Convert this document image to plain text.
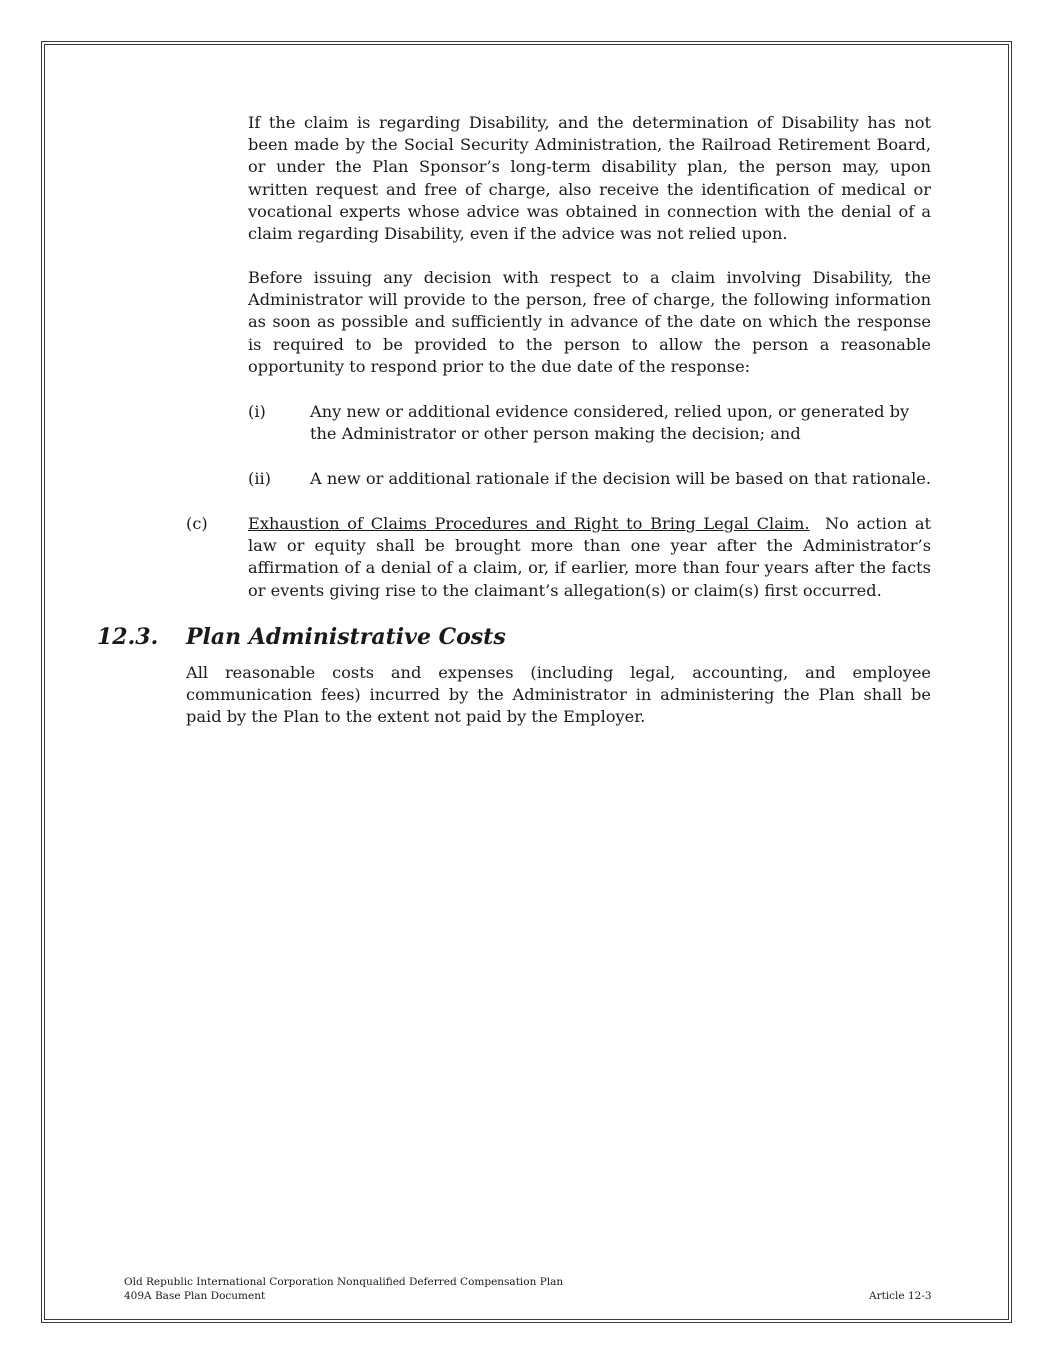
If the claim is regarding Disability, and the determination of Disability has not been made by the Social Security Administration, the Railroad Retirement Board, or under the Plan Sponsor’s long-term disability plan, the person may, upon written request and free of charge, also receive the identification of medical or vocational experts whose advice was obtained in connection with the denial of a claim regarding Disability, even if the advice was not relied upon.

Before issuing any decision with respect to a claim involving Disability, the Administrator will provide to the person, free of charge, the following information as soon as possible and sufficiently in advance of the date on which the response is required to be provided to the person to allow the person a reasonable opportunity to respond prior to the due date of the response:

(i)	Any new or additional evidence considered, relied upon, or generated by the Administrator or other person making the decision; and

(ii) A new or additional rationale if the decision will be based on that rationale.

(c) Exhaustion of Claims Procedures and Right to Bring Legal Claim. No action at law or equity shall be brought more than one year after the Administrator’s affirmation of a denial of a claim, or, if earlier, more than four years after the facts or events giving rise to the claimant’s allegation(s) or claim(s) first occurred.

12.3. Plan Administrative Costs

All reasonable costs and expenses (including legal, accounting, and employee communication fees) incurred by the Administrator in administering the Plan shall be paid by the Plan to the extent not paid by the Employer.

Old Republic International Corporation Nonqualified Deferred Compensation Plan

409A Base Plan Document	Article 12-3
